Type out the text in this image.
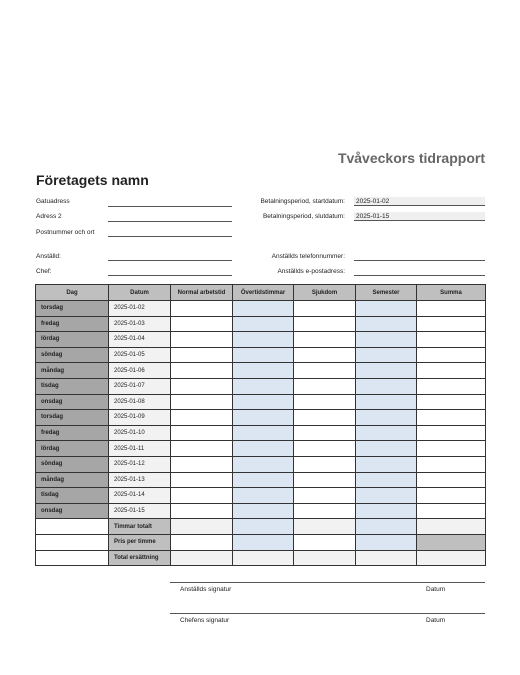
Tvåveckors tidrapport
Företagets namn
Gatuadress
Adress 2
Postnummer och ort
Anställd:
Chef:
Betalningsperiod, startdatum:	2025-01-02
Betalningsperiod, slutdatum:	2025-01-15
Anställds telefonnummer:
Anställds e-postadress:
Dag	Datum	Normal arbetstid	Övertidstimmar	Sjukdom	Semester	Summa
torsdag	2025-01-02					
fredag	2025-01-03					
lördag	2025-01-04					
söndag	2025-01-05					
måndag	2025-01-06					
tisdag	2025-01-07					
onsdag	2025-01-08					
torsdag	2025-01-09					
fredag	2025-01-10					
lördag	2025-01-11					
söndag	2025-01-12					
måndag	2025-01-13					
tisdag	2025-01-14					
onsdag	2025-01-15					
	Timmar totalt					
	Pris per timme					
	Total ersättning					
Anställds signatur	Datum
Chefens signatur	Datum
